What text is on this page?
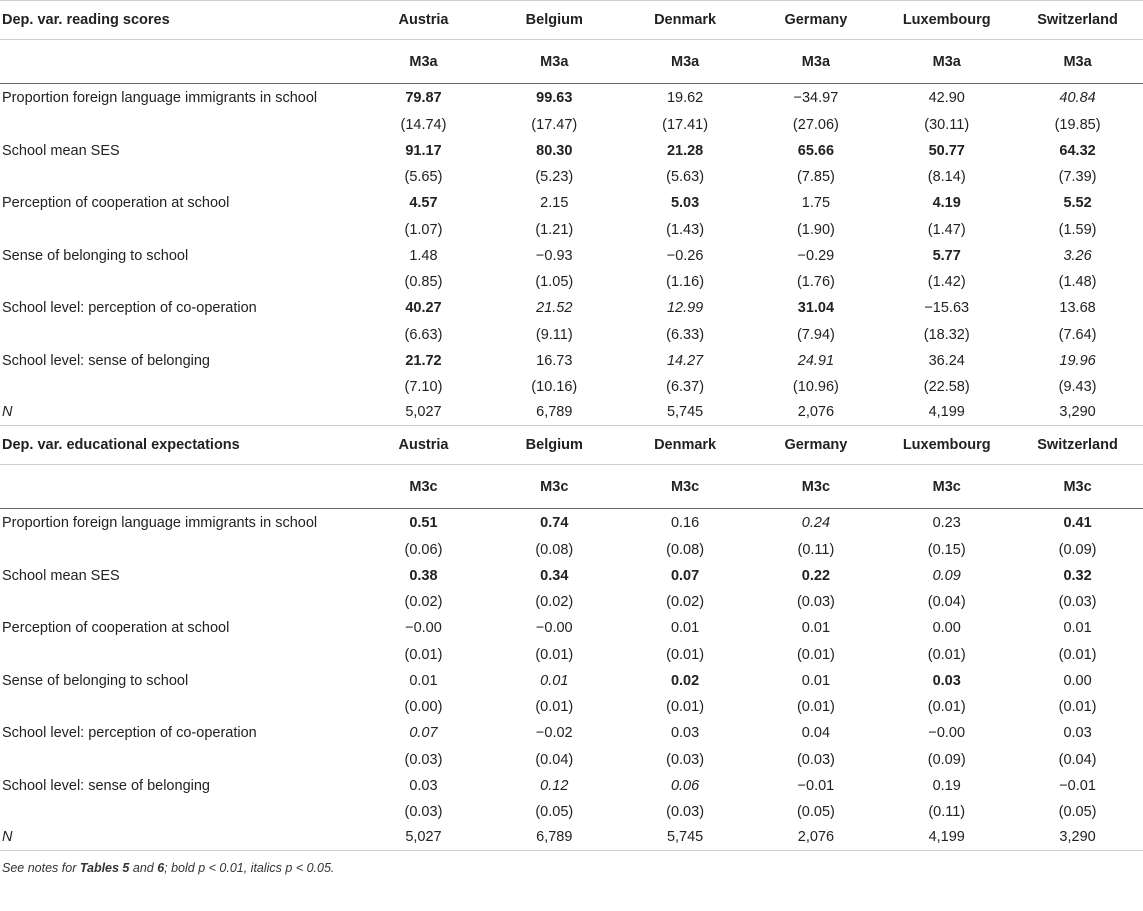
Dep. var. reading scores	Austria	Belgium	Denmark	Germany	Luxembourg	Switzerland
	M3a	M3a	M3a	M3a	M3a	M3a
Proportion foreign language immigrants in school	79.87	99.63	19.62	−34.97	42.90	40.84
	(14.74)	(17.47)	(17.41)	(27.06)	(30.11)	(19.85)
School mean SES	91.17	80.30	21.28	65.66	50.77	64.32
	(5.65)	(5.23)	(5.63)	(7.85)	(8.14)	(7.39)
Perception of cooperation at school	4.57	2.15	5.03	1.75	4.19	5.52
	(1.07)	(1.21)	(1.43)	(1.90)	(1.47)	(1.59)
Sense of belonging to school	1.48	−0.93	−0.26	−0.29	5.77	3.26
	(0.85)	(1.05)	(1.16)	(1.76)	(1.42)	(1.48)
School level: perception of co-operation	40.27	21.52	12.99	31.04	−15.63	13.68
	(6.63)	(9.11)	(6.33)	(7.94)	(18.32)	(7.64)
School level: sense of belonging	21.72	16.73	14.27	24.91	36.24	19.96
	(7.10)	(10.16)	(6.37)	(10.96)	(22.58)	(9.43)
N	5,027	6,789	5,745	2,076	4,199	3,290
Dep. var. educational expectations	Austria	Belgium	Denmark	Germany	Luxembourg	Switzerland
	M3c	M3c	M3c	M3c	M3c	M3c
Proportion foreign language immigrants in school	0.51	0.74	0.16	0.24	0.23	0.41
	(0.06)	(0.08)	(0.08)	(0.11)	(0.15)	(0.09)
School mean SES	0.38	0.34	0.07	0.22	0.09	0.32
	(0.02)	(0.02)	(0.02)	(0.03)	(0.04)	(0.03)
Perception of cooperation at school	−0.00	−0.00	0.01	0.01	0.00	0.01
	(0.01)	(0.01)	(0.01)	(0.01)	(0.01)	(0.01)
Sense of belonging to school	0.01	0.01	0.02	0.01	0.03	0.00
	(0.00)	(0.01)	(0.01)	(0.01)	(0.01)	(0.01)
School level: perception of co-operation	0.07	−0.02	0.03	0.04	−0.00	0.03
	(0.03)	(0.04)	(0.03)	(0.03)	(0.09)	(0.04)
School level: sense of belonging	0.03	0.12	0.06	−0.01	0.19	−0.01
	(0.03)	(0.05)	(0.03)	(0.05)	(0.11)	(0.05)
N	5,027	6,789	5,745	2,076	4,199	3,290
See notes for Tables 5 and 6; bold p < 0.01, italics p < 0.05.
